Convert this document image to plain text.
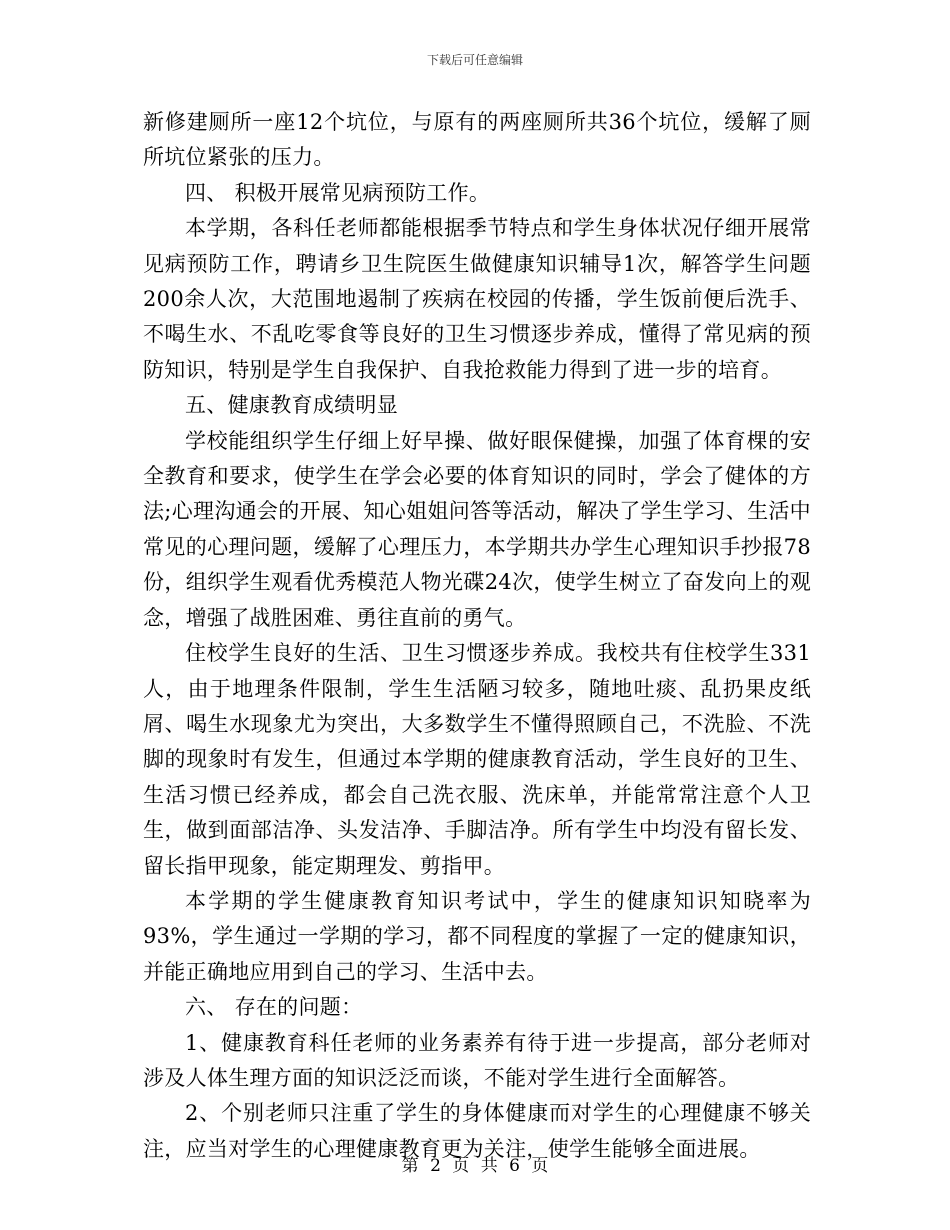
下载后可任意编辑

新修建厕所一座12个坑位，与原有的两座厕所共36个坑位，缓解了厕所坑位紧张的压力。

四、 积极开展常见病预防工作。

本学期，各科任老师都能根据季节特点和学生身体状况仔细开展常见病预防工作，聘请乡卫生院医生做健康知识辅导1次，解答学生问题200余人次，大范围地遏制了疾病在校园的传播，学生饭前便后洗手、不喝生水、不乱吃零食等良好的卫生习惯逐步养成，懂得了常见病的预防知识，特别是学生自我保护、自我抢救能力得到了进一步的培育。

五、健康教育成绩明显

学校能组织学生仔细上好早操、做好眼保健操，加强了体育棵的安全教育和要求，使学生在学会必要的体育知识的同时，学会了健体的方法;心理沟通会的开展、知心姐姐问答等活动，解决了学生学习、生活中常见的心理问题，缓解了心理压力，本学期共办学生心理知识手抄报78份，组织学生观看优秀模范人物光碟24次，使学生树立了奋发向上的观念，增强了战胜困难、勇往直前的勇气。

住校学生良好的生活、卫生习惯逐步养成。我校共有住校学生331人，由于地理条件限制，学生生活陋习较多，随地吐痰、乱扔果皮纸屑、喝生水现象尤为突出，大多数学生不懂得照顾自己，不洗脸、不洗脚的现象时有发生，但通过本学期的健康教育活动，学生良好的卫生、生活习惯已经养成，都会自己洗衣服、洗床单，并能常常注意个人卫生，做到面部洁净、头发洁净、手脚洁净。所有学生中均没有留长发、留长指甲现象，能定期理发、剪指甲。

本学期的学生健康教育知识考试中，学生的健康知识知晓率为93%，学生通过一学期的学习，都不同程度的掌握了一定的健康知识，并能正确地应用到自己的学习、生活中去。

六、 存在的问题：

1、健康教育科任老师的业务素养有待于进一步提高，部分老师对涉及人体生理方面的知识泛泛而谈，不能对学生进行全面解答。

2、个别老师只注重了学生的身体健康而对学生的心理健康不够关注，应当对学生的心理健康教育更为关注，使学生能够全面进展。

第 2 页 共 6 页
